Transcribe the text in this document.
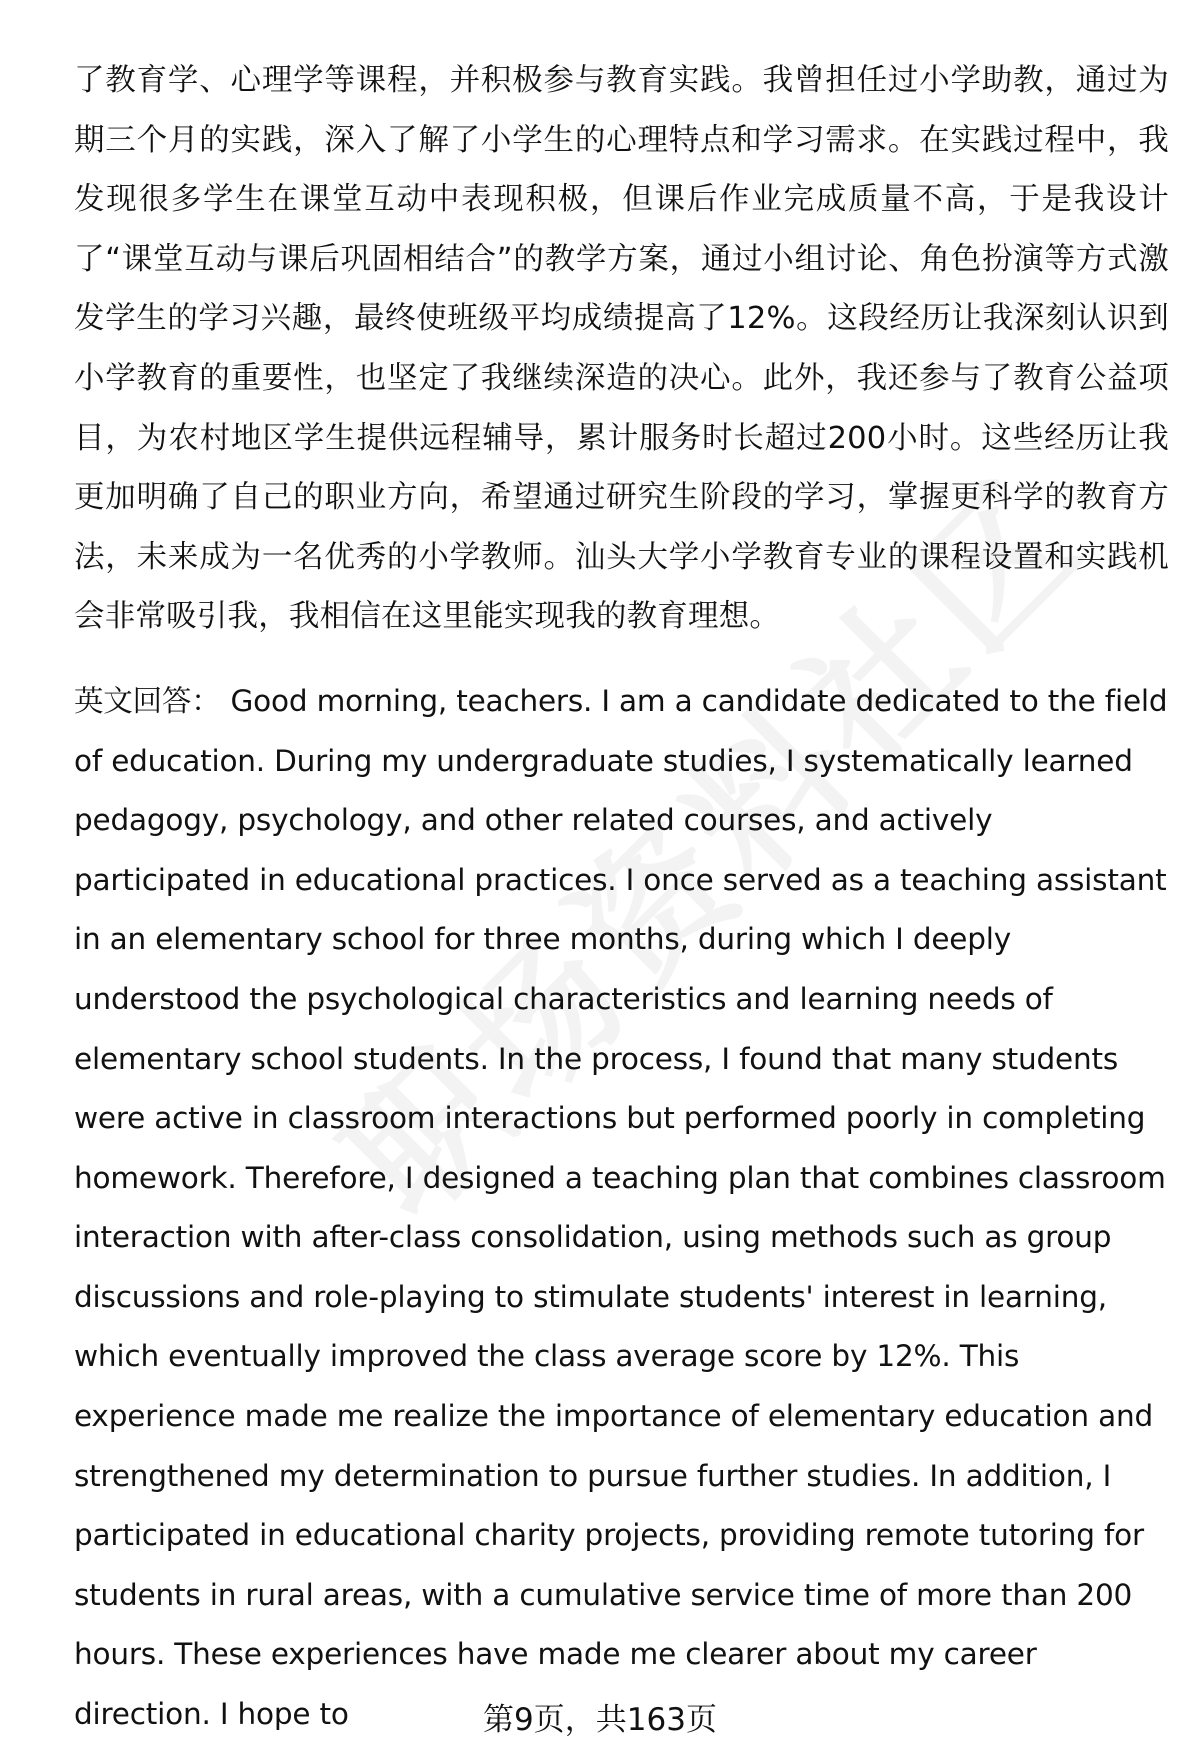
了教育学、心理学等课程，并积极参与教育实践。我曾担任过小学助教，通过为期三个月的实践，深入了解了小学生的心理特点和学习需求。在实践过程中，我发现很多学生在课堂互动中表现积极，但课后作业完成质量不高，于是我设计了“课堂互动与课后巩固相结合”的教学方案，通过小组讨论、角色扮演等方式激发学生的学习兴趣，最终使班级平均成绩提高了12%。这段经历让我深刻认识到小学教育的重要性，也坚定了我继续深造的决心。此外，我还参与了教育公益项目，为农村地区学生提供远程辅导，累计服务时长超过200小时。这些经历让我更加明确了自己的职业方向，希望通过研究生阶段的学习，掌握更科学的教育方法，未来成为一名优秀的小学教师。汕头大学小学教育专业的课程设置和实践机会非常吸引我，我相信在这里能实现我的教育理想。

英文回答： Good morning, teachers. I am a candidate dedicated to the field of education. During my undergraduate studies, I systematically learned pedagogy, psychology, and other related courses, and actively participated in educational practices. I once served as a teaching assistant in an elementary school for three months, during which I deeply understood the psychological characteristics and learning needs of elementary school students. In the process, I found that many students were active in classroom interactions but performed poorly in completing homework. Therefore, I designed a teaching plan that combines classroom interaction with after-class consolidation, using methods such as group discussions and role-playing to stimulate students' interest in learning, which eventually improved the class average score by 12%. This experience made me realize the importance of elementary education and strengthened my determination to pursue further studies. In addition, I participated in educational charity projects, providing remote tutoring for students in rural areas, with a cumulative service time of more than 200 hours. These experiences have made me clearer about my career direction. I hope to	第9页，共163页
